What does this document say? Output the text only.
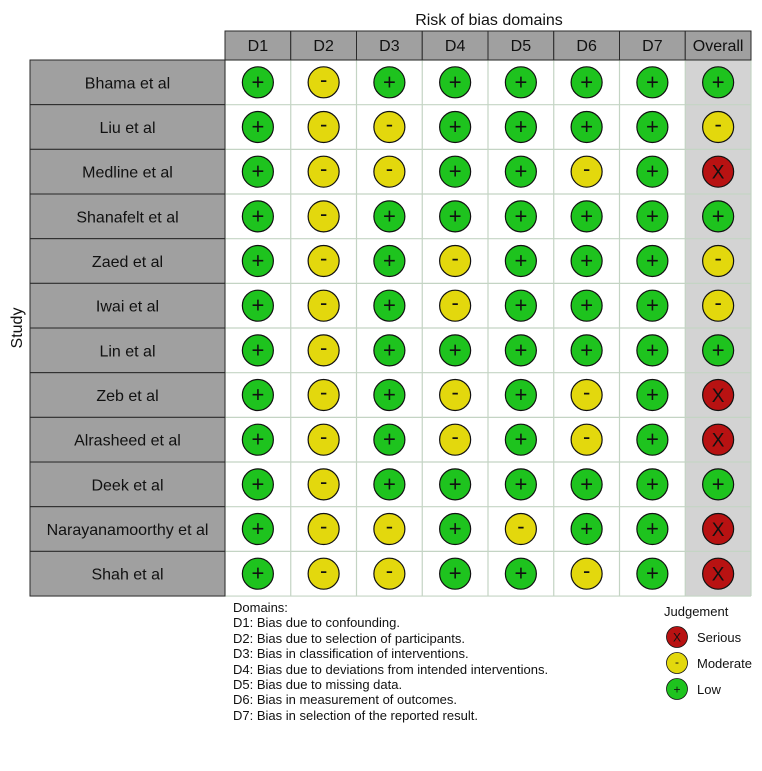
Risk of bias domains
Study
D1	D2	D3	D4	D5	D6	D7 Overall
Bhama et al	+	-	+ + + + + +
Liu et al	+	-	-	+ + + +	-
Medline et al	+	-	-	+ +	-	+	X
Shanafelt et al	+	-	+ + + + + +
Zaed et al	+	-	+	-	+ + +	-
Iwai et al	+	-	+	-	+ + +	-
Lin et al	+	-	+ + + + + +
Zeb et al	+	-	+	-	+	-	+	X
Alrasheed et al	+	-	+	-	+	-	+	X
Deek et al	+	-	+ + + + + +
Narayanamoorthy et al +	-	-	+	-	+ +	X
Shah et al	+	-	-	+ +	-	+	X
Judgement
X Serious
- Moderate
+ Low
Domains:
D1: Bias due to confounding.
D2: Bias due to selection of participants.
D3: Bias in classification of interventions.
D4: Bias due to deviations from intended interventions.
D5: Bias due to missing data.
D6: Bias in measurement of outcomes.
D7: Bias in selection of the reported result.
